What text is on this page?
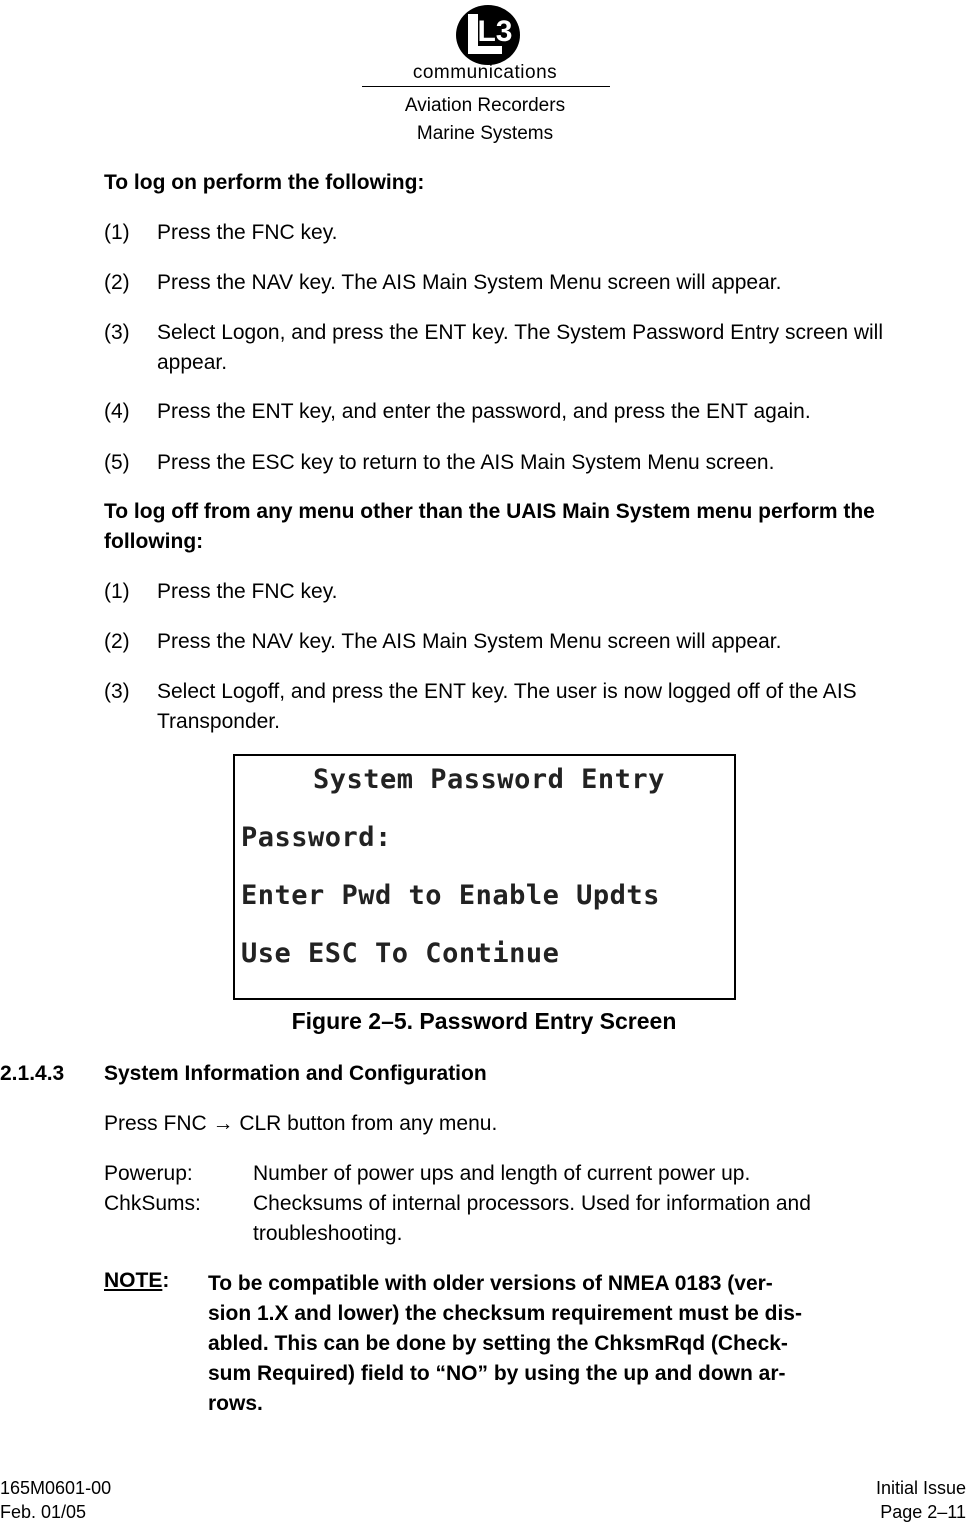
L3
communications
Aviation Recorders
Marine Systems
To log on perform the following:
(1) Press the FNC key.
(2) Press the NAV key. The AIS Main System Menu screen will appear.
(3) Select Logon, and press the ENT key. The System Password Entry screen will
appear.
(4) Press the ENT key, and enter the password, and press the ENT again.
(5) Press the ESC key to return to the AIS Main System Menu screen.
To log off from any menu other than the UAIS Main System menu perform the
following:
(1) Press the FNC key.
(2) Press the NAV key. The AIS Main System Menu screen will appear.
(3) Select Logoff, and press the ENT key. The user is now logged off of the AIS
Transponder.
System Password Entry
Password:
Enter Pwd to Enable Updts
Use ESC To Continue
Figure 2–5. Password Entry Screen
2.1.4.3 System Information and Configuration
Press FNC → CLR button from any menu.
Powerup:	Number of power ups and length of current power up.
ChkSums: Checksums of internal processors. Used for information and
troubleshooting.
NOTE: To be compatible with older versions of NMEA 0183 (ver-
sion 1.X and lower) the checksum requirement must be dis-
abled. This can be done by setting the ChksmRqd (Check-
sum Required) field to “NO” by using the up and down ar-
rows.
165M0601-00
Feb. 01/05
Initial Issue
Page 2–11
